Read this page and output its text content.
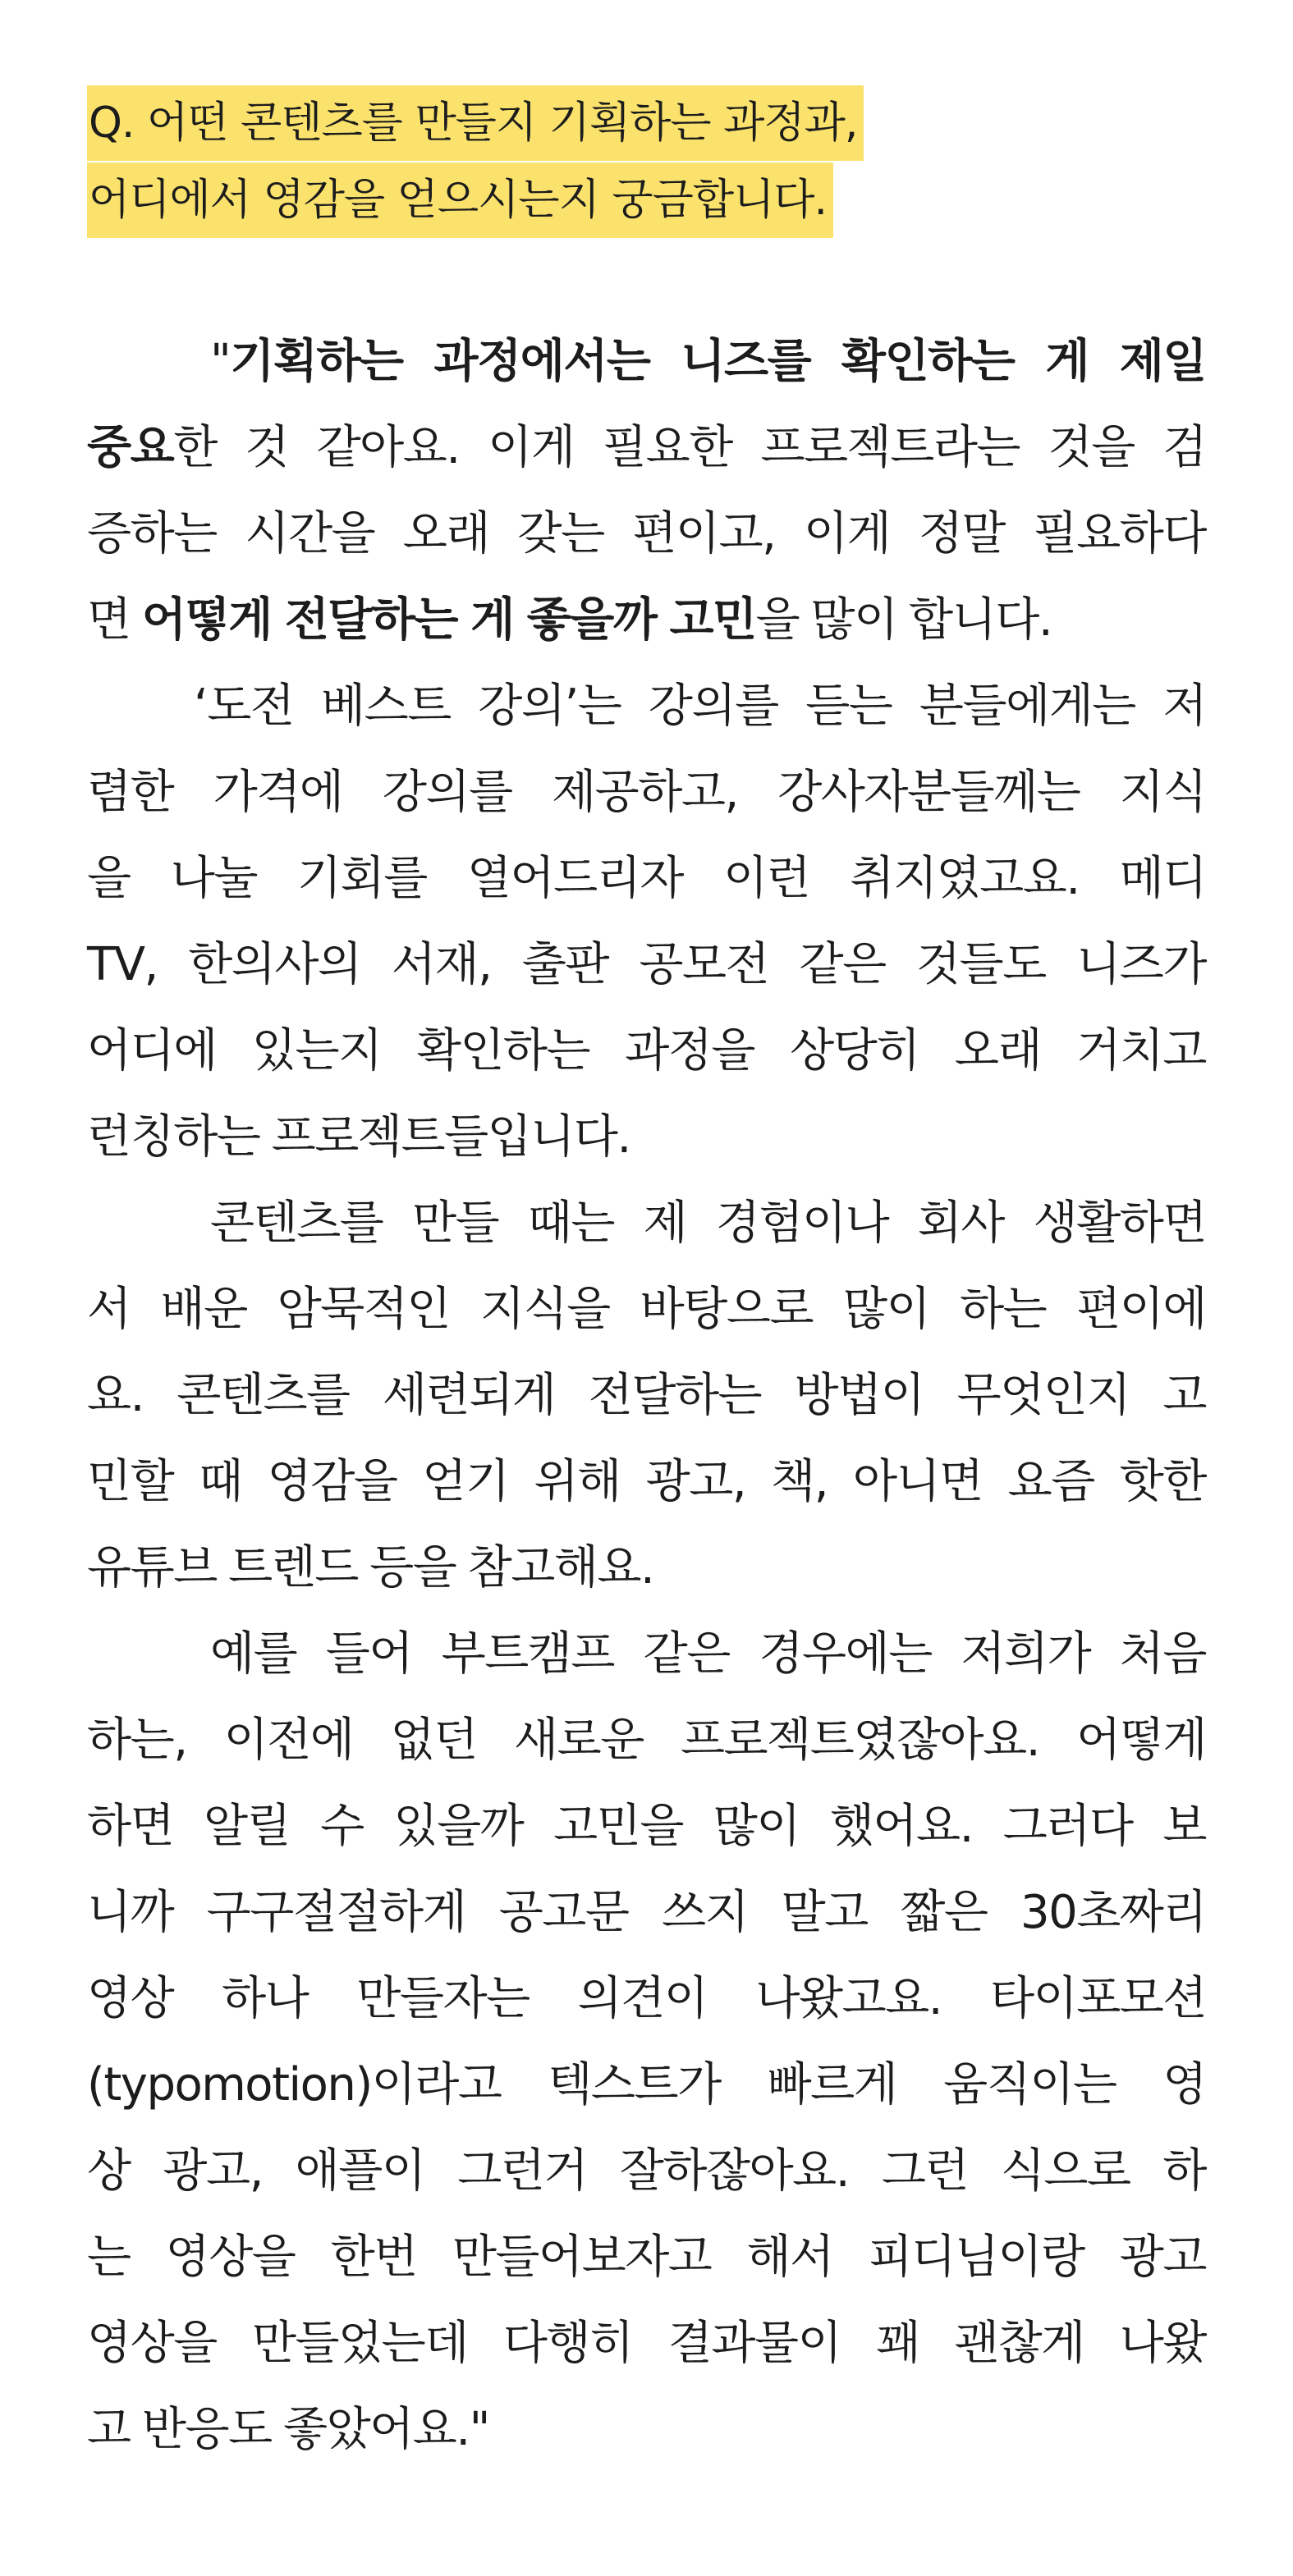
Q. 어떤 콘텐츠를 만들지 기획하는 과정과,
어디에서 영감을 얻으시는지 궁금합니다.
"기획하는 과정에서는 니즈를 확인하는 게 제일
중요한 것 같아요. 이게 필요한 프로젝트라는 것을 검
증하는 시간을 오래 갖는 편이고, 이게 정말 필요하다
면 어떻게 전달하는 게 좋을까 고민을 많이 합니다.
‘도전 베스트 강의’는 강의를 듣는 분들에게는 저
렴한 가격에 강의를 제공하고, 강사자분들께는 지식
을 나눌 기회를 열어드리자 이런 취지였고요. 메디
TV, 한의사의 서재, 출판 공모전 같은 것들도 니즈가
어디에 있는지 확인하는 과정을 상당히 오래 거치고
런칭하는 프로젝트들입니다.
콘텐츠를 만들 때는 제 경험이나 회사 생활하면
서 배운 암묵적인 지식을 바탕으로 많이 하는 편이에
요. 콘텐츠를 세련되게 전달하는 방법이 무엇인지 고
민할 때 영감을 얻기 위해 광고, 책, 아니면 요즘 핫한
유튜브 트렌드 등을 참고해요.
예를 들어 부트캠프 같은 경우에는 저희가 처음
하는, 이전에 없던 새로운 프로젝트였잖아요. 어떻게
하면 알릴 수 있을까 고민을 많이 했어요. 그러다 보
니까 구구절절하게 공고문 쓰지 말고 짧은 30초짜리
영상 하나 만들자는 의견이 나왔고요. 타이포모션
(typomotion)이라고 텍스트가 빠르게 움직이는 영
상 광고, 애플이 그런거 잘하잖아요. 그런 식으로 하
는 영상을 한번 만들어보자고 해서 피디님이랑 광고
영상을 만들었는데 다행히 결과물이 꽤 괜찮게 나왔
고 반응도 좋았어요."
